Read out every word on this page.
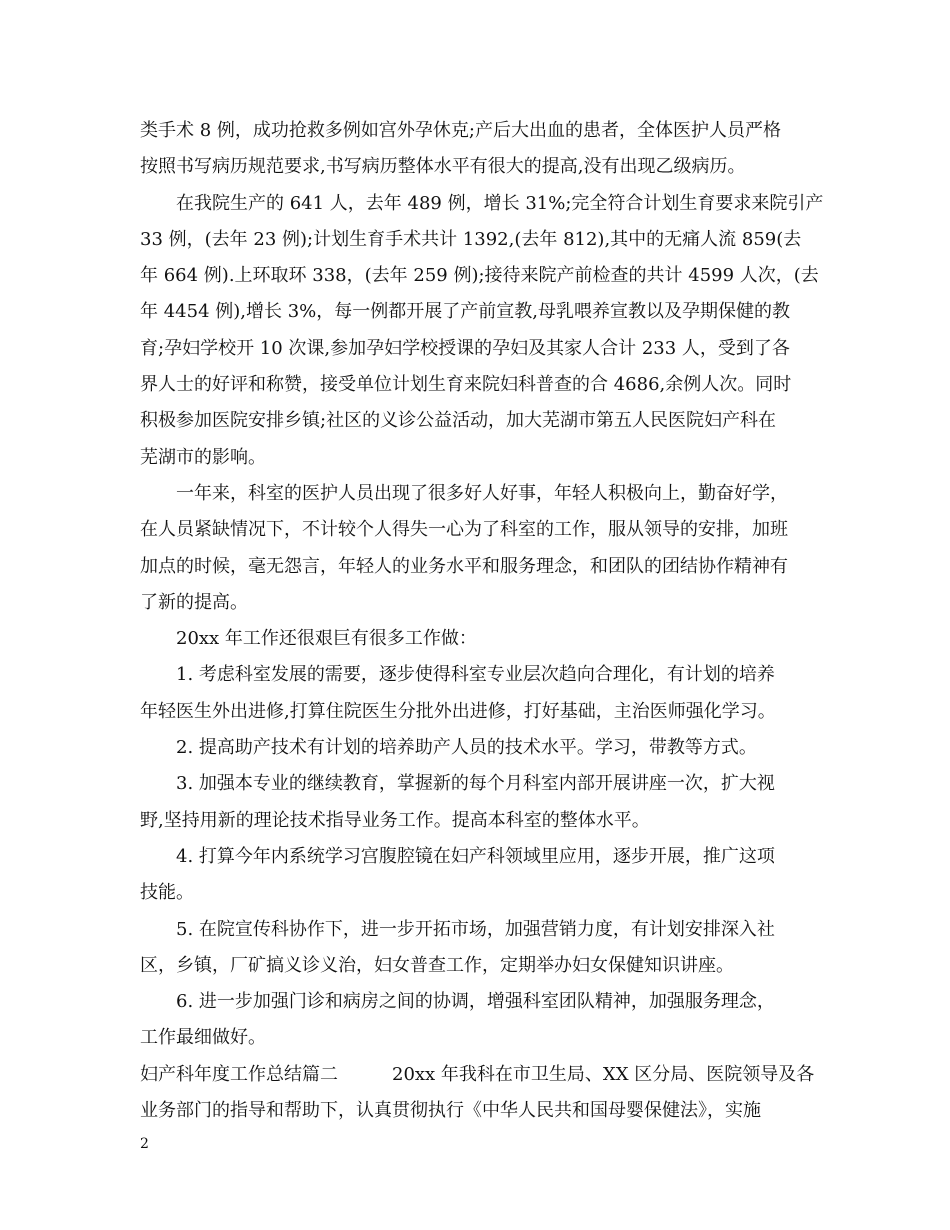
类手术 8 例，成功抢救多例如宫外孕休克;产后大出血的患者，全体医护人员严格
按照书写病历规范要求,书写病历整体水平有很大的提高,没有出现乙级病历。
在我院生产的 641 人，去年 489 例，增长 31%;完全符合计划生育要求来院引产
33 例，(去年 23 例);计划生育手术共计 1392,(去年 812),其中的无痛人流 859(去
年 664 例).上环取环 338，(去年 259 例);接待来院产前检查的共计 4599 人次，(去
年 4454 例),增长 3%，每一例都开展了产前宣教,母乳喂养宣教以及孕期保健的教
育;孕妇学校开 10 次课,参加孕妇学校授课的孕妇及其家人合计 233 人，受到了各
界人士的好评和称赞，接受单位计划生育来院妇科普查的合 4686,余例人次。同时
积极参加医院安排乡镇;社区的义诊公益活动，加大芜湖市第五人民医院妇产科在
芜湖市的影响。
一年来，科室的医护人员出现了很多好人好事，年轻人积极向上，勤奋好学，
在人员紧缺情况下，不计较个人得失一心为了科室的工作，服从领导的安排，加班
加点的时候，毫无怨言，年轻人的业务水平和服务理念，和团队的团结协作精神有
了新的提高。
20xx 年工作还很艰巨有很多工作做：
1. 考虑科室发展的需要，逐步使得科室专业层次趋向合理化，有计划的培养
年轻医生外出进修,打算住院医生分批外出进修，打好基础，主治医师强化学习。
2. 提高助产技术有计划的培养助产人员的技术水平。学习，带教等方式。
3. 加强本专业的继续教育，掌握新的每个月科室内部开展讲座一次，扩大视
野,坚持用新的理论技术指导业务工作。提高本科室的整体水平。
4. 打算今年内系统学习宫腹腔镜在妇产科领域里应用，逐步开展，推广这项
技能。
5. 在院宣传科协作下，进一步开拓市场，加强营销力度，有计划安排深入社
区，乡镇，厂矿搞义诊义治，妇女普查工作，定期举办妇女保健知识讲座。
6. 进一步加强门诊和病房之间的协调，增强科室团队精神，加强服务理念，
工作最细做好。
妇产科年度工作总结篇二　　　20xx 年我科在市卫生局、XX 区分局、医院领导及各
业务部门的指导和帮助下，认真贯彻执行《中华人民共和国母婴保健法》，实施
2
